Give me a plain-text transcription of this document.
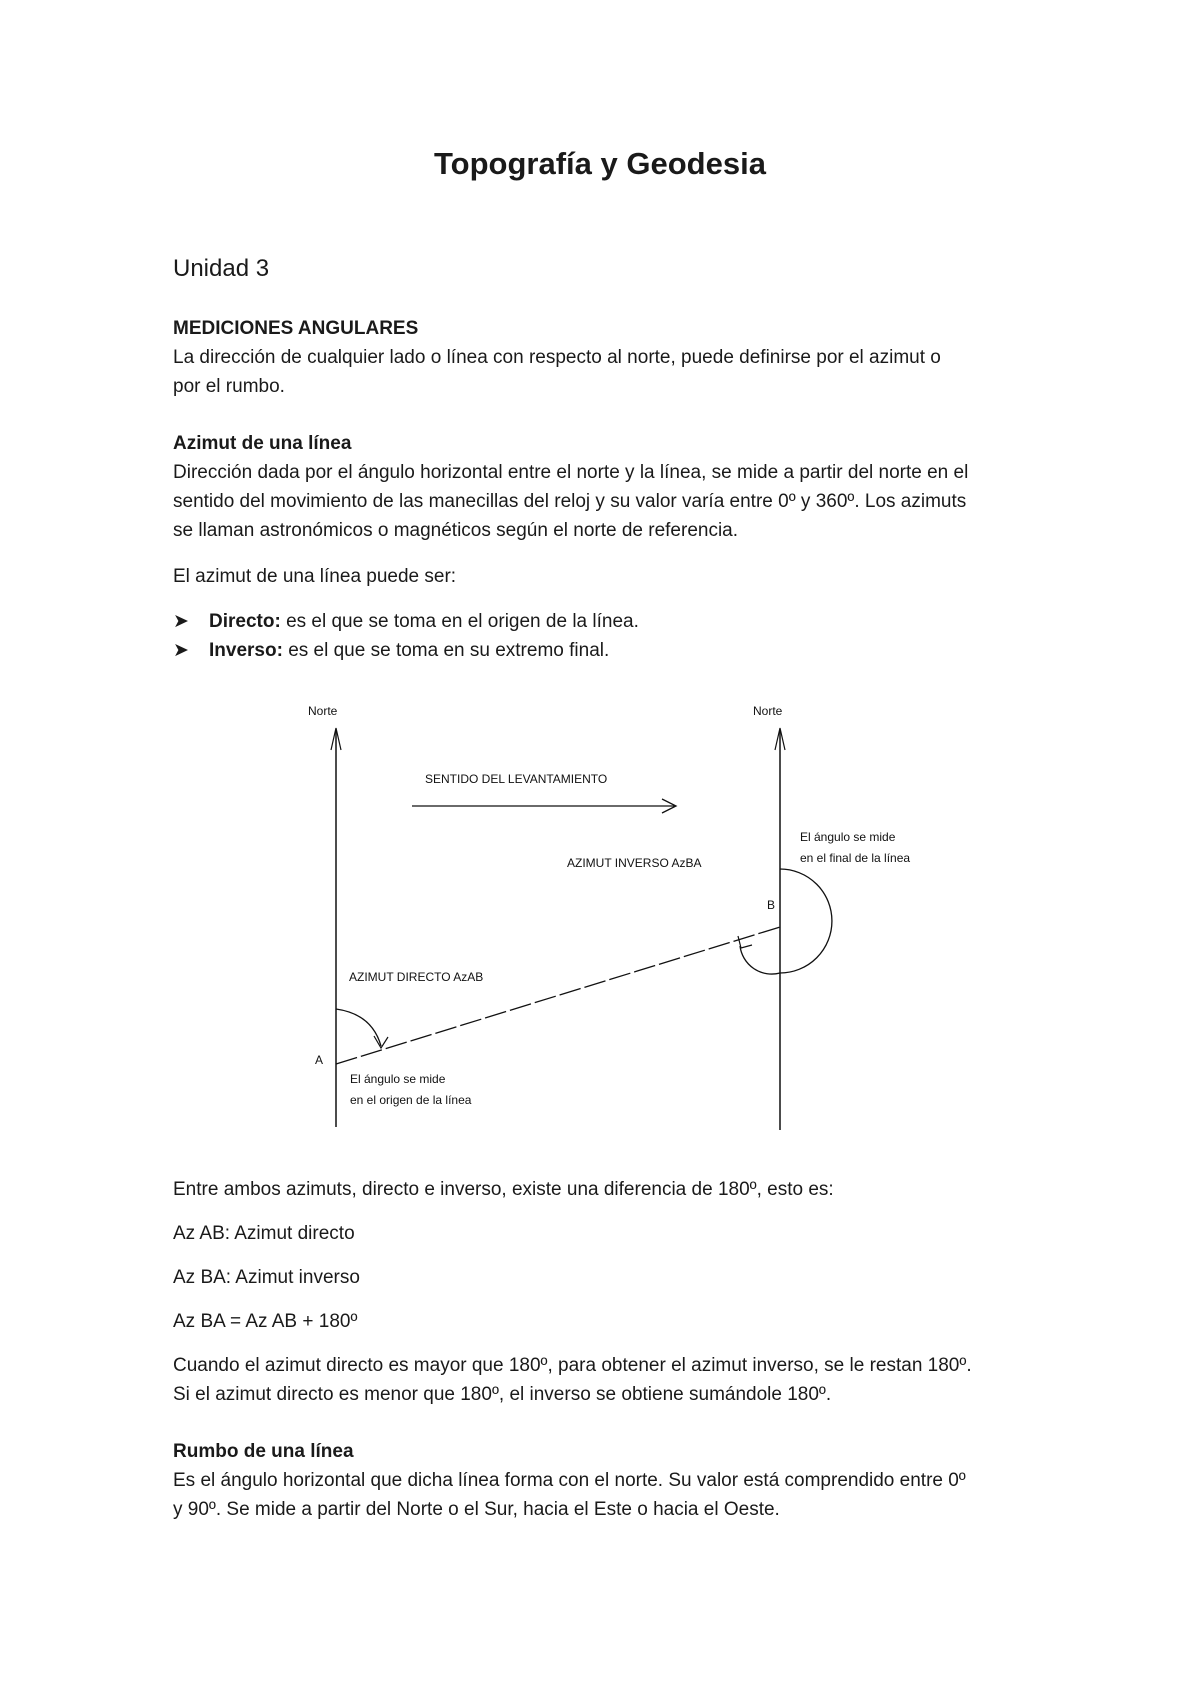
Topografía y Geodesia
Unidad 3
MEDICIONES ANGULARES
La dirección de cualquier lado o línea con respecto al norte, puede definirse por el azimut o
por el rumbo.
Azimut de una línea
Dirección dada por el ángulo horizontal entre el norte y la línea, se mide a partir del norte en el
sentido del movimiento de las manecillas del reloj y su valor varía entre 0º y 360º. Los azimuts
se llaman astronómicos o magnéticos según el norte de referencia.
El azimut de una línea puede ser:
➤ Directo: es el que se toma en el origen de la línea.
➤ Inverso: es el que se toma en su extremo final.
Norte	Norte
SENTIDO DEL LEVANTAMIENTO
AZIMUT INVERSO AzBA
El ángulo se mide
en el final de la línea
B
A
AZIMUT DIRECTO AzAB
El ángulo se mide
en el origen de la línea
Entre ambos azimuts, directo e inverso, existe una diferencia de 180º, esto es:
Az AB: Azimut directo
Az BA: Azimut inverso
Az BA = Az AB + 180º
Cuando el azimut directo es mayor que 180º, para obtener el azimut inverso, se le restan 180º.
Si el azimut directo es menor que 180º, el inverso se obtiene sumándole 180º.
Rumbo de una línea
Es el ángulo horizontal que dicha línea forma con el norte. Su valor está comprendido entre 0º
y 90º. Se mide a partir del Norte o el Sur, hacia el Este o hacia el Oeste.
